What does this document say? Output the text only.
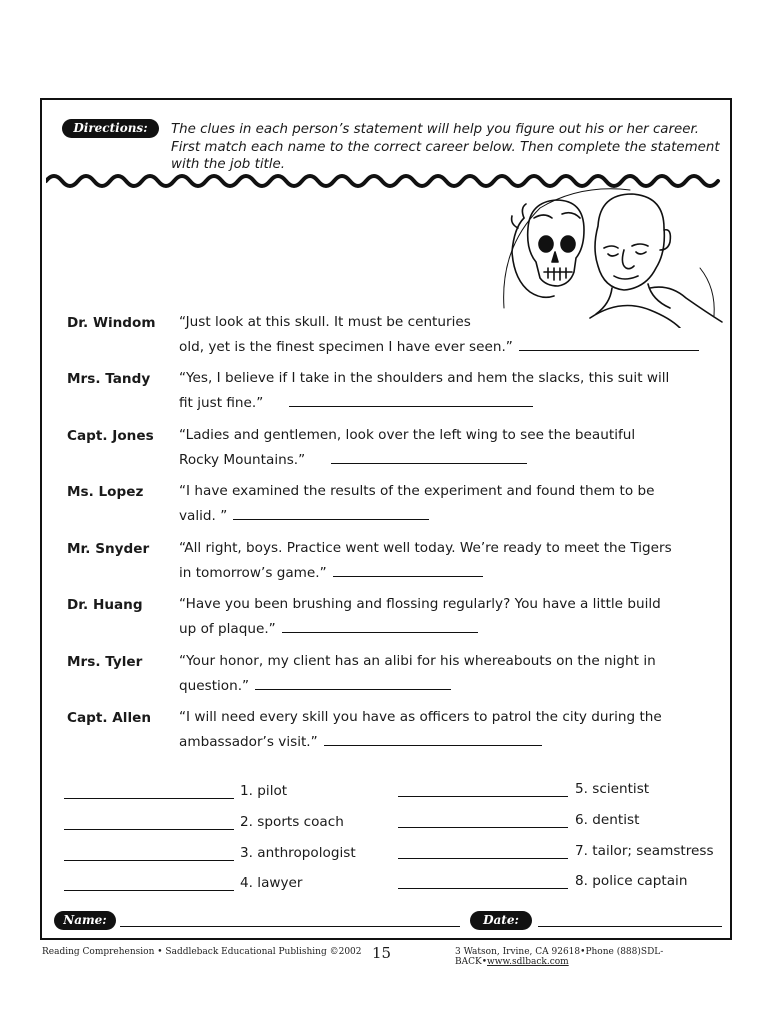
Directions:	The clues in each person’s statement will help you figure out his or her career. First match each name to the correct career below. Then complete the statement with the job title.
Dr. Windom “Just look at this skull. It must be centuries
old, yet is the finest specimen I have ever seen.”
Mrs. Tandy “Yes, I believe if I take in the shoulders and hem the slacks, this suit will
fit just fine.”
Capt. Jones “Ladies and gentlemen, look over the left wing to see the beautiful
Rocky Mountains.”
Ms. Lopez	“I have examined the results of the experiment and found them to be
valid. ”
Mr. Snyder “All right, boys. Practice went well today. We’re ready to meet the Tigers
in tomorrow’s game.”
Dr. Huang	“Have you been brushing and flossing regularly? You have a little build
up of plaque.”
Mrs. Tyler	“Your honor, my client has an alibi for his whereabouts on the night in
question.”
Capt. Allen “I will need every skill you have as officers to patrol the city during the
ambassador’s visit.”
1. pilot
2. sports coach
3. anthropologist
4. lawyer
5. scientist
6. dentist
7. tailor; seamstress
8. police captain
Name:	Date:
Reading Comprehension • Saddleback Educational Publishing ©2002 15	3 Watson, Irvine, CA 92618•Phone (888)SDL-BACK•www.sdlback.com
